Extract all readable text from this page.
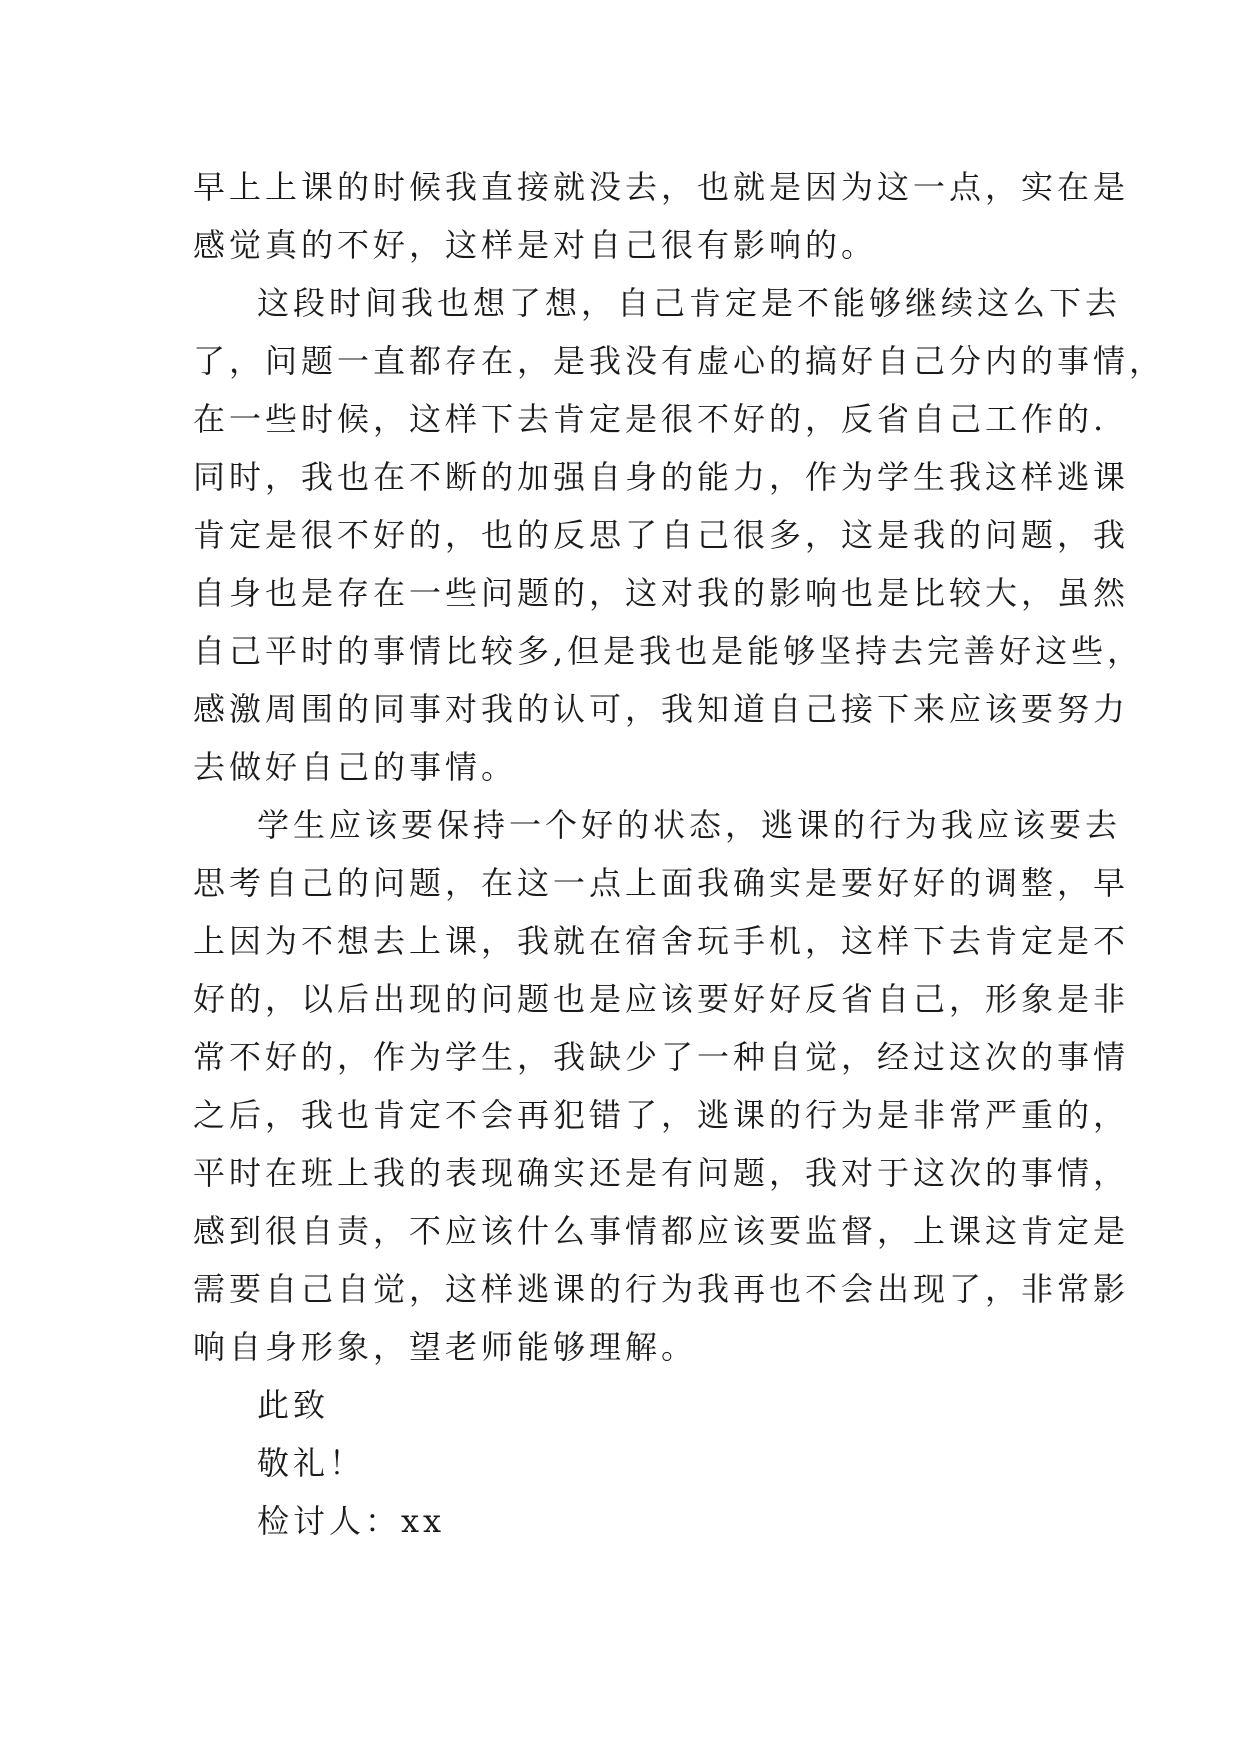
早上上课的时候我直接就没去，也就是因为这一点，实在是
感觉真的不好，这样是对自己很有影响的。

这段时间我也想了想，自己肯定是不能够继续这么下去
了，问题一直都存在，是我没有虚心的搞好自己分内的事情，
在一些时候，这样下去肯定是很不好的，反省自己工作的.
同时，我也在不断的加强自身的能力，作为学生我这样逃课
肯定是很不好的，也的反思了自己很多，这是我的问题，我
自身也是存在一些问题的，这对我的影响也是比较大，虽然
自己平时的事情比较多,但是我也是能够坚持去完善好这些，
感激周围的同事对我的认可，我知道自己接下来应该要努力
去做好自己的事情。

学生应该要保持一个好的状态，逃课的行为我应该要去
思考自己的问题，在这一点上面我确实是要好好的调整，早
上因为不想去上课，我就在宿舍玩手机，这样下去肯定是不
好的，以后出现的问题也是应该要好好反省自己，形象是非
常不好的，作为学生，我缺少了一种自觉，经过这次的事情
之后，我也肯定不会再犯错了，逃课的行为是非常严重的，
平时在班上我的表现确实还是有问题，我对于这次的事情，
感到很自责，不应该什么事情都应该要监督，上课这肯定是
需要自己自觉，这样逃课的行为我再也不会出现了，非常影
响自身形象，望老师能够理解。

此致

敬礼！

检讨人：xx
